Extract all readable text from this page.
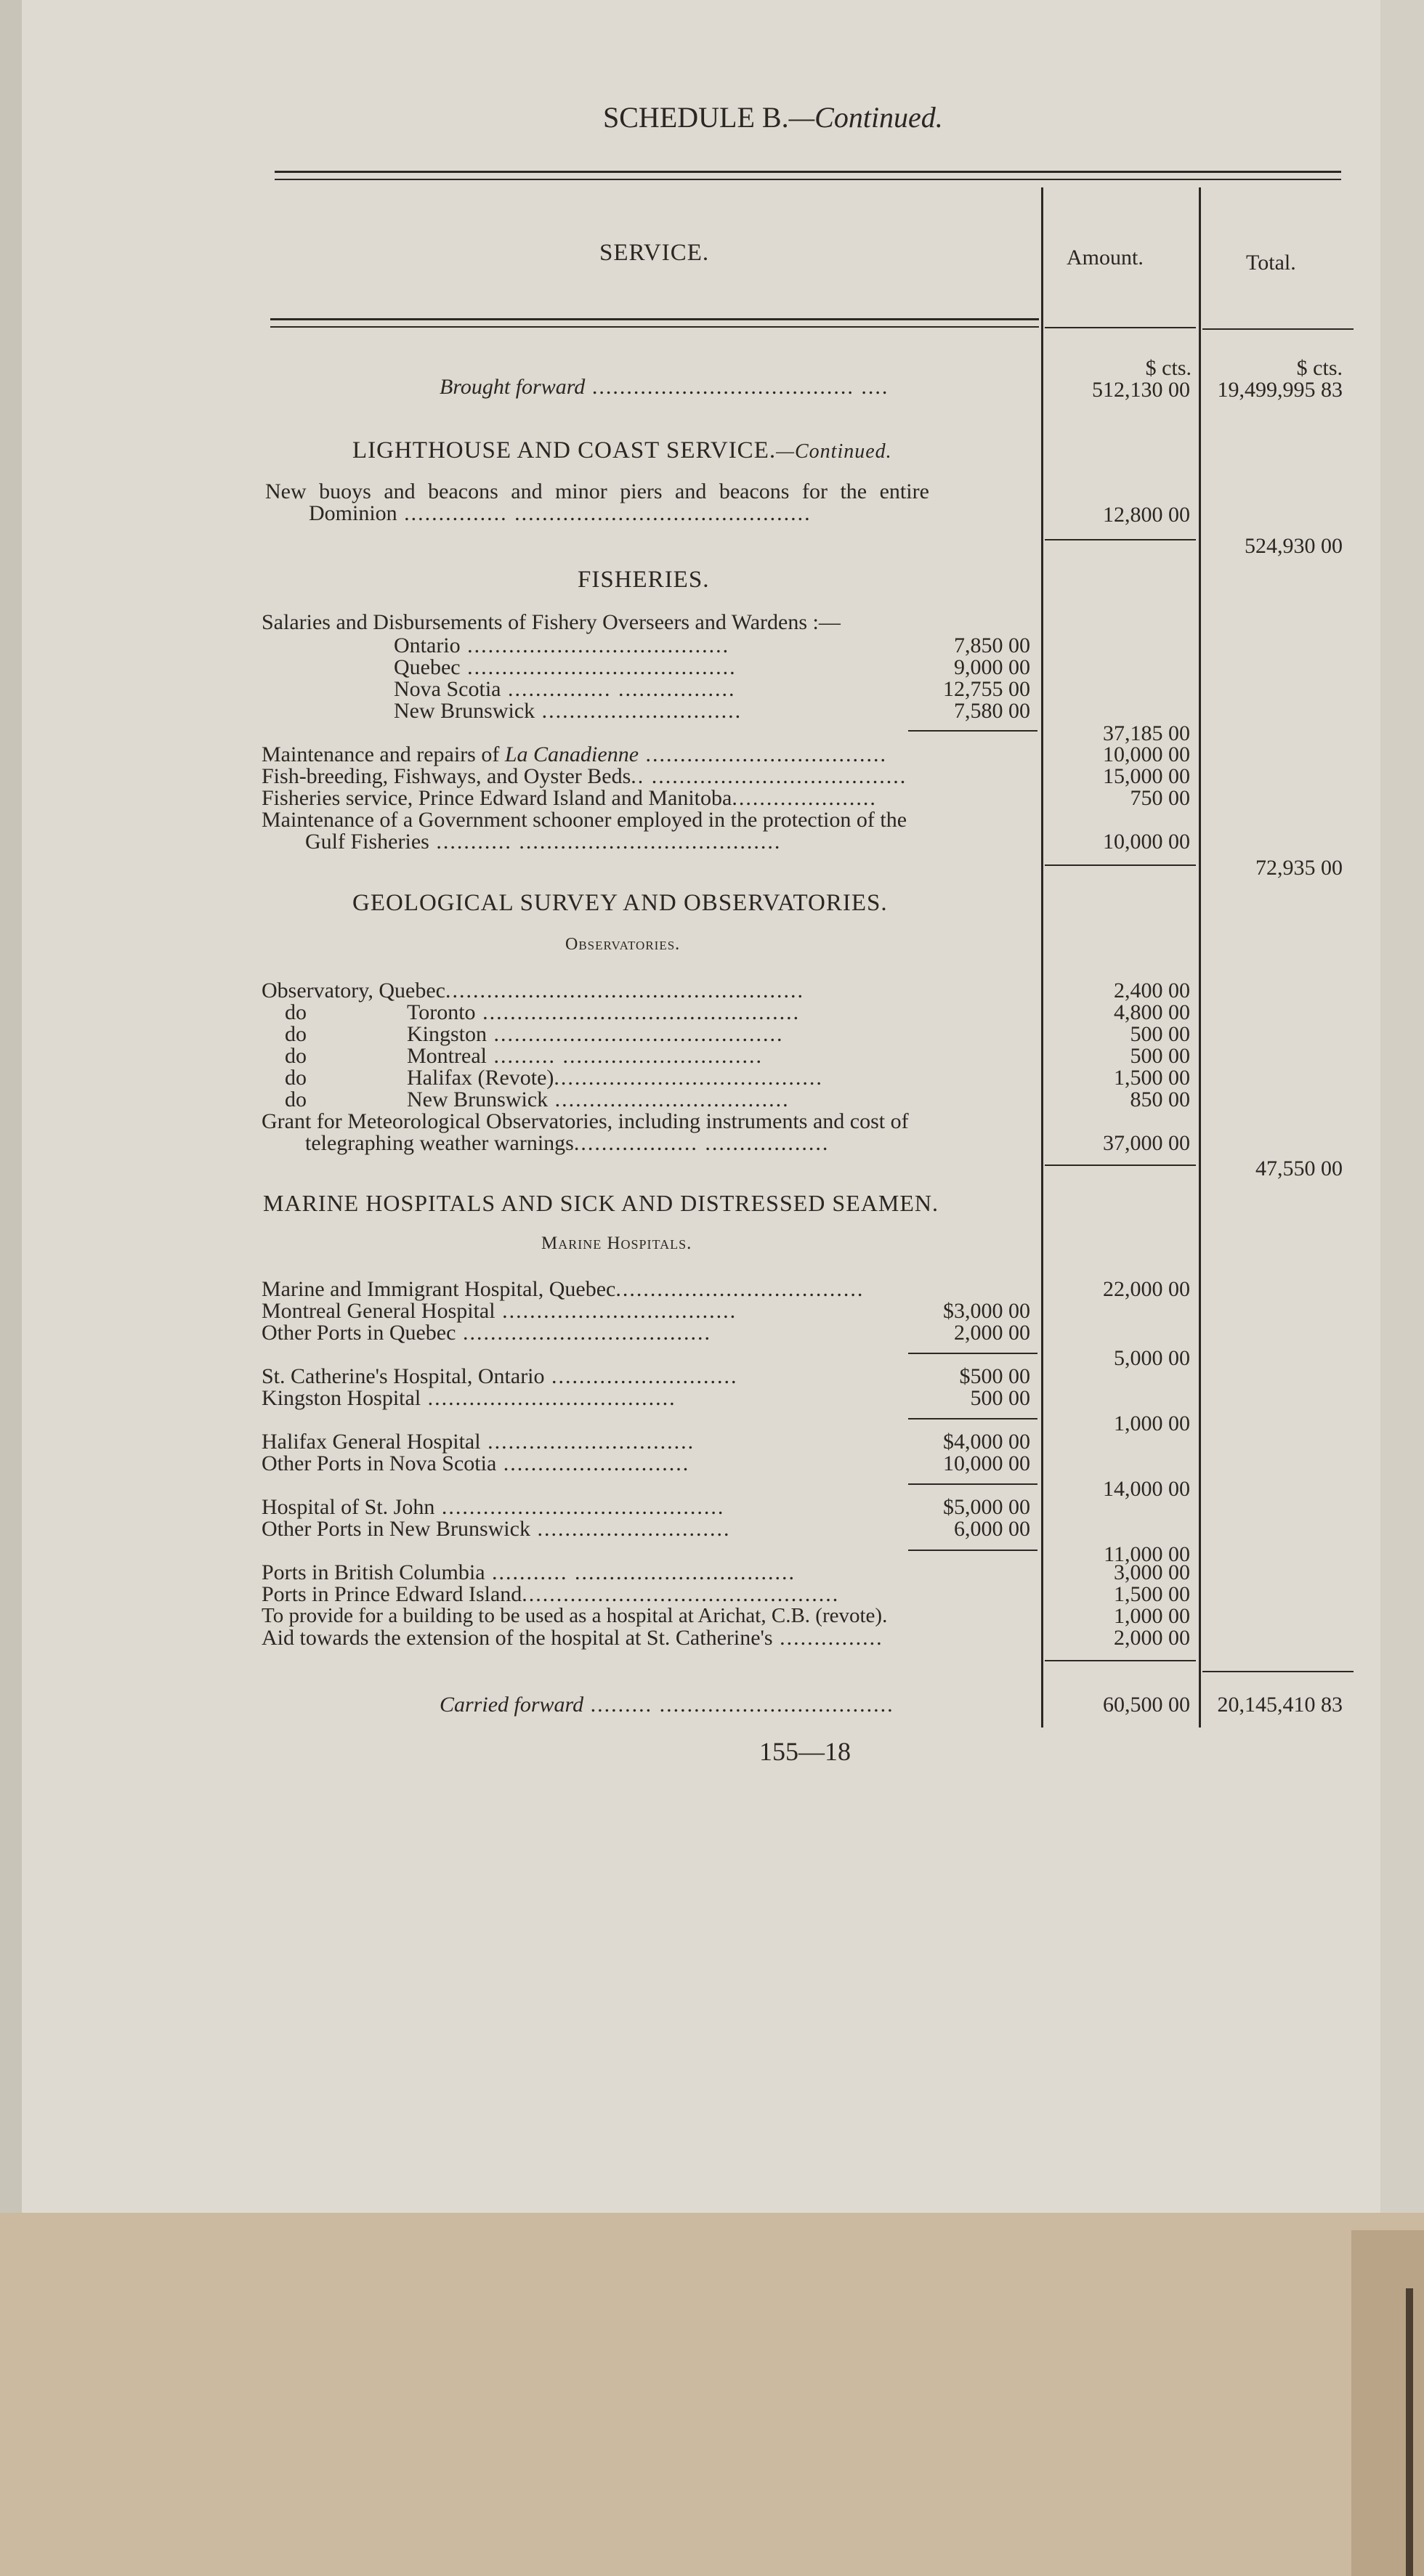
SCHEDULE B.—Continued.
SERVICE.	Amount.	Total.
$ cts.	$ cts.
Brought forward ...................................... ....	512,130 00 19,499,995 83
LIGHTHOUSE AND COAST SERVICE.—Continued.
New buoys and beacons and minor piers and beacons for the entire
Dominion ............... ...........................................	12,800 00
524,930 00
FISHERIES.
Salaries and Disbursements of Fishery Overseers and Wardens :—
Ontario ......................................	7,850 00
Quebec .......................................	9,000 00
Nova Scotia ............... .................	12,755 00
New Brunswick .............................	7,580 00
37,185 00
Maintenance and repairs of La Canadienne ...................................	10,000 00
Fish-breeding, Fishways, and Oyster Beds.. .....................................	15,000 00
Fisheries service, Prince Edward Island and Manitoba.....................	750 00
Maintenance of a Government schooner employed in the protection of the
Gulf Fisheries ........... ......................................	10,000 00
72,935 00
GEOLOGICAL SURVEY AND OBSERVATORIES.
Observatories.
Observatory, Quebec....................................................	2,400 00
do	Toronto ..............................................	4,800 00
do	Kingston ..........................................	500 00
do	Montreal ......... .............................	500 00
do	Halifax (Revote).......................................	1,500 00
do	New Brunswick ..................................	850 00
Grant for Meteorological Observatories, including instruments and cost of
telegraphing weather warnings.................. ..................	37,000 00
47,550 00
MARINE HOSPITALS AND SICK AND DISTRESSED SEAMEN.
Marine Hospitals.
Marine and Immigrant Hospital, Quebec....................................	22,000 00
Montreal General Hospital ..................................	$3,000 00
Other Ports in Quebec ....................................	2,000 00
5,000 00
St. Catherine's Hospital, Ontario ...........................	$500 00
Kingston Hospital ....................................	500 00
1,000 00
Halifax General Hospital ..............................	$4,000 00
Other Ports in Nova Scotia ...........................	10,000 00
14,000 00
Hospital of St. John .........................................	$5,000 00
Other Ports in New Brunswick ............................	6,000 00
11,000 00
Ports in British Columbia ........... ................................	3,000 00
Ports in Prince Edward Island..............................................	1,500 00
To provide for a building to be used as a hospital at Arichat, C.B. (revote).	1,000 00
Aid towards the extension of the hospital at St. Catherine's ...............	2,000 00
Carried forward ......... ..................................	60,500 00 20,145,410 83
155—18
